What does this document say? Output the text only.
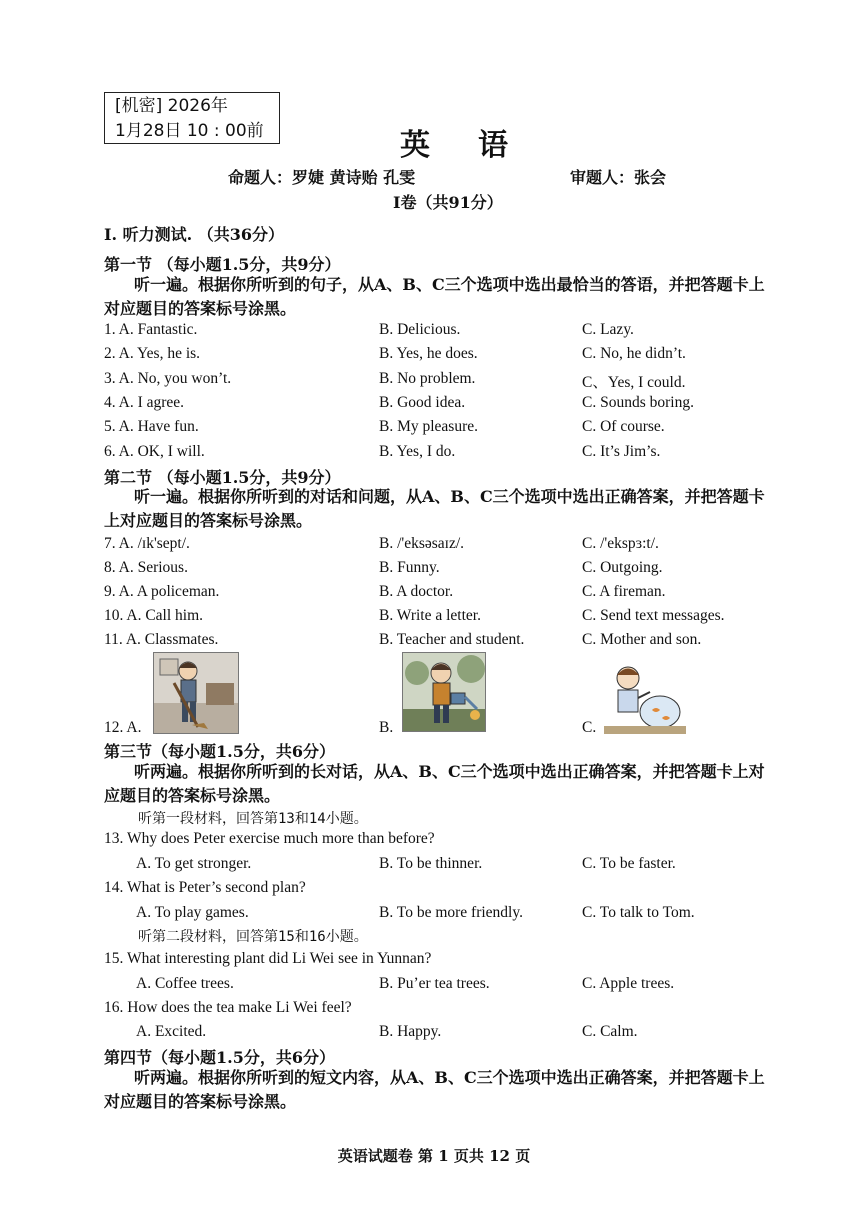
[机密] 2026年
1月28日 10 : 00前	英语
命题人：罗婕 黄诗贻 孔雯	审题人：张会
I卷（共91分）
I. 听力测试. （共36分）
第一节 （每小题1.5分，共9分）
听一遍。根据你所听到的句子，从A、B、C三个选项中选出最恰当的答语，并把答题卡上对应题目的答案标号涂黑。
1. A. Fantastic.	B. Delicious.	C. Lazy.
2. A. Yes, he is.	B. Yes, he does.	C. No, he didn’t.
3. A. No, you won’t.	B. No problem.	C、Yes, I could.
4. A. I agree.	B. Good idea.	C. Sounds boring.
5. A. Have fun.	B. My pleasure.	C. Of course.
6. A. OK, I will.	B. Yes, I do.	C. It’s Jim’s.
第二节 （每小题1.5分，共9分）
听一遍。根据你所听到的对话和问题，从A、B、C三个选项中选出正确答案，并把答题卡上对应题目的答案标号涂黑。
7. A. /ɪk'sept/.	B. /'eksəsaɪz/.	C. /'ekspɜ:t/.
8. A. Serious.	B. Funny.	C. Outgoing.
9. A. A policeman.	B. A doctor.	C. A fireman.
10. A. Call him.	B. Write a letter.	C. Send text messages.
11. A. Classmates.	B. Teacher and student.	C. Mother and son.
12. A.	B.	C.
第三节（每小题1.5分，共6分）
听两遍。根据你所听到的长对话，从A、B、C三个选项中选出正确答案，并把答题卡上对应题目的答案标号涂黑。
听第一段材料，回答第13和14小题。
13. Why does Peter exercise much more than before?
A. To get stronger.	B. To be thinner.	C. To be faster.
14. What is Peter’s second plan?
A. To play games.	B. To be more friendly.	C. To talk to Tom.
听第二段材料，回答第15和16小题。
15. What interesting plant did Li Wei see in Yunnan?
A. Coffee trees.	B. Pu’er tea trees.	C. Apple trees.
16. How does the tea make Li Wei feel?
A. Excited.	B. Happy.	C. Calm.
第四节（每小题1.5分，共6分）
听两遍。根据你所听到的短文内容，从A、B、C三个选项中选出正确答案，并把答题卡上对应题目的答案标号涂黑。
英语试题卷 第 1 页共 12 页
